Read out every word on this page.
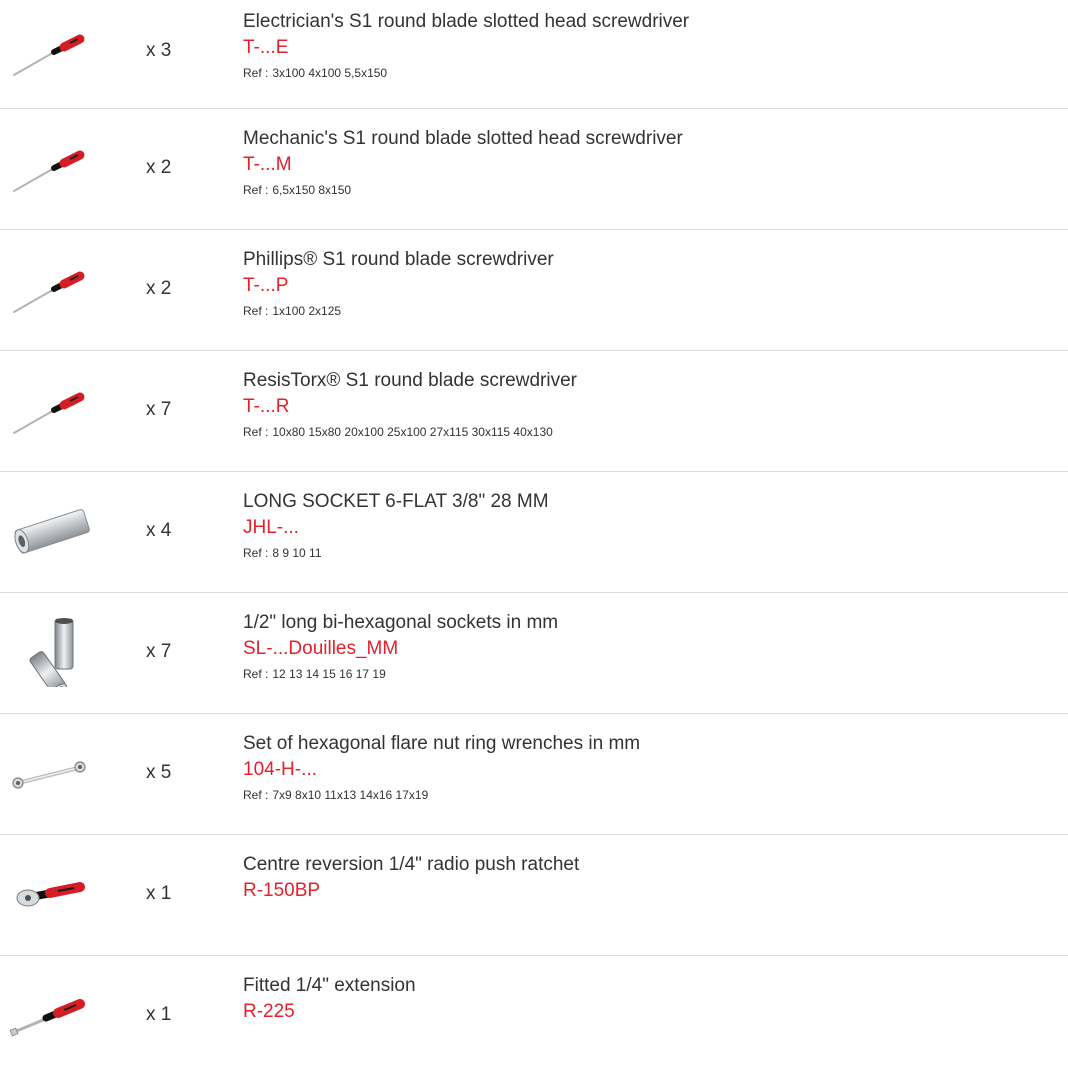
x 3
Electrician's S1 round blade slotted head screwdriver
T-...E
Ref : 3x100 4x100 5,5x150
x 2
Mechanic's S1 round blade slotted head screwdriver
T-...M
Ref : 6,5x150 8x150
x 2
Phillips® S1 round blade screwdriver
T-...P
Ref : 1x100 2x125
x 7
ResisTorx® S1 round blade screwdriver
T-...R
Ref : 10x80 15x80 20x100 25x100 27x115 30x115 40x130
x 4
LONG SOCKET 6-FLAT 3/8" 28 MM
JHL-...
Ref : 8 9 10 11
x 7
1/2" long bi-hexagonal sockets in mm
SL-...Douilles_MM
Ref : 12 13 14 15 16 17 19
x 5
Set of hexagonal flare nut ring wrenches in mm
104-H-...
Ref : 7x9 8x10 11x13 14x16 17x19
x 1
Centre reversion 1/4" radio push ratchet
R-150BP
x 1
Fitted 1/4" extension
R-225
